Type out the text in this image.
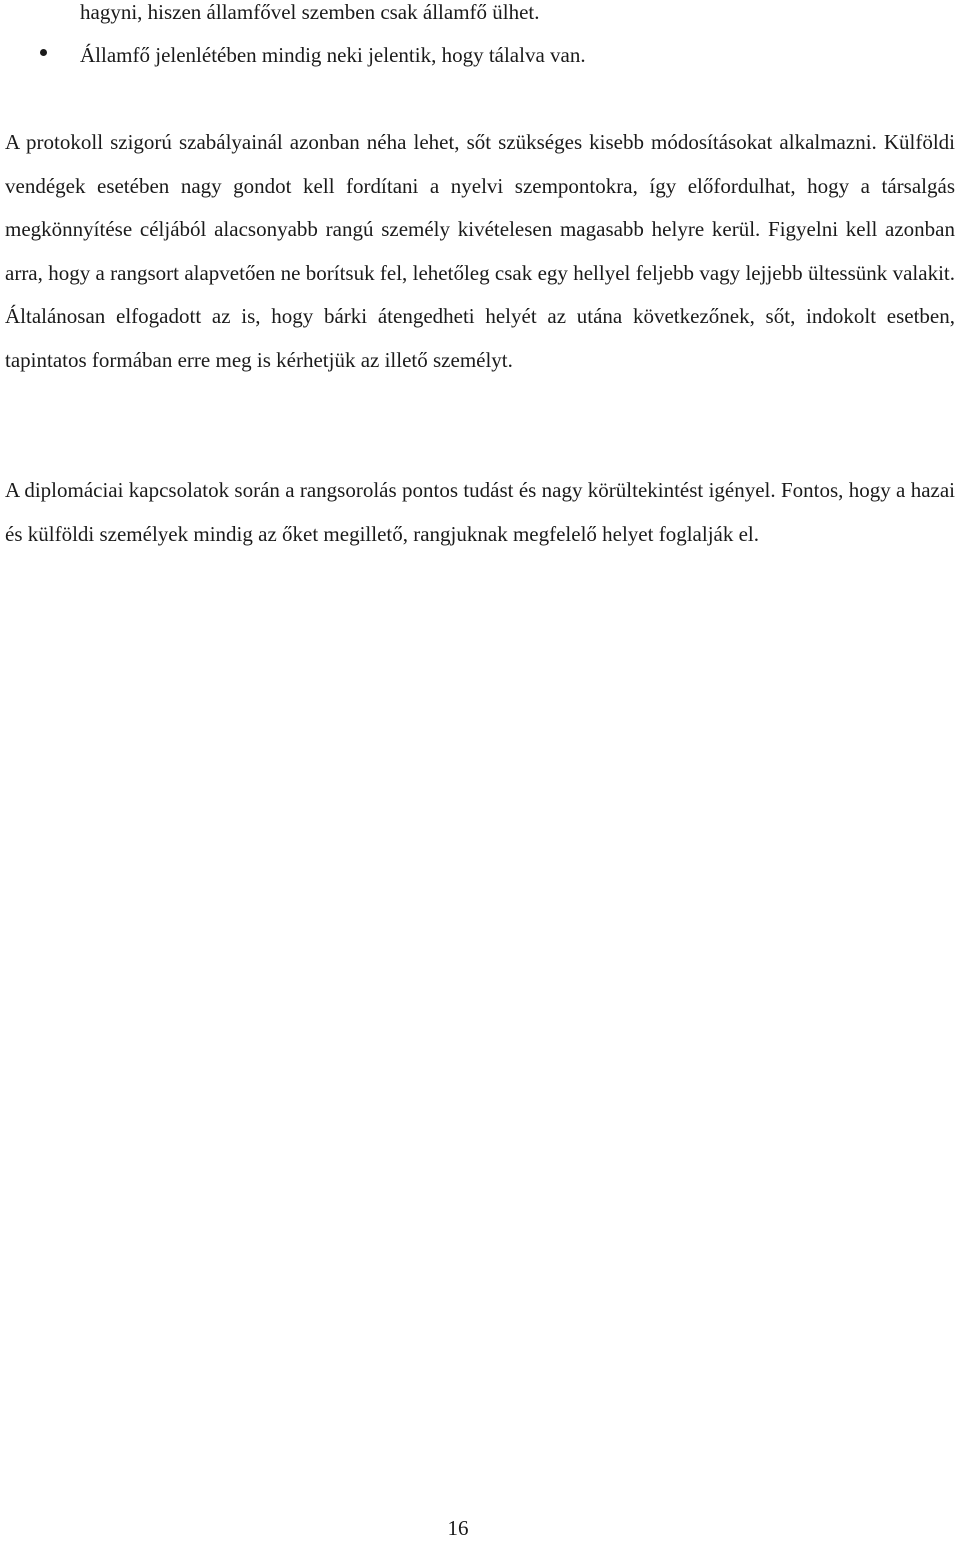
hagyni, hiszen államfővel szemben csak államfő ülhet.
Államfő jelenlétében mindig neki jelentik, hogy tálalva van.

A protokoll szigorú szabályainál azonban néha lehet, sőt szükséges kisebb módosításokat alkalmazni. Külföldi vendégek esetében nagy gondot kell fordítani a nyelvi szempontokra, így előfordulhat, hogy a társalgás megkönnyítése céljából alacsonyabb rangú személy kivételesen magasabb helyre kerül. Figyelni kell azonban arra, hogy a rangsort alapvetően ne borítsuk fel, lehetőleg csak egy hellyel feljebb vagy lejjebb ültessünk valakit. Általánosan elfogadott az is, hogy bárki átengedheti helyét az utána következőnek, sőt, indokolt esetben, tapintatos formában erre meg is kérhetjük az illető személyt.

A diplomáciai kapcsolatok során a rangsorolás pontos tudást és nagy körültekintést igényel. Fontos, hogy a hazai és külföldi személyek mindig az őket megillető, rangjuknak megfelelő helyet foglalják el.

16
